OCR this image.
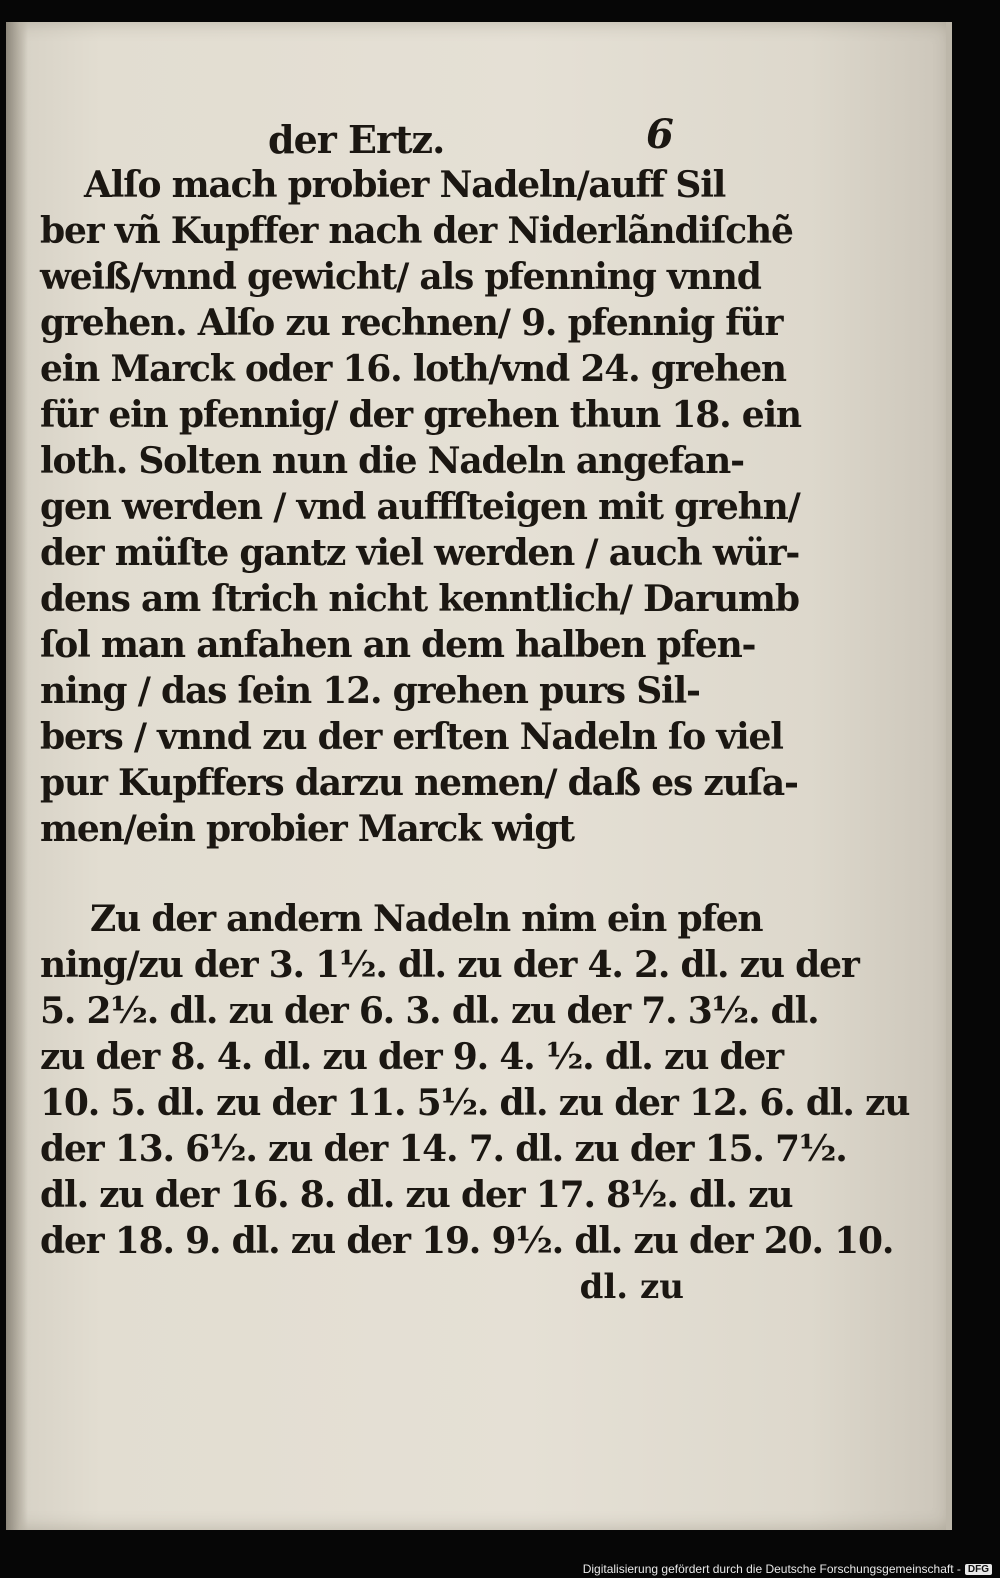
der Ertz.	6

Alſo mach probier Nadeln/auff Sil
ber vñ Kupffer nach der Niderlãndiſchẽ
weiß/vnnd gewicht/ als pfenning vnnd
grehen. Alſo zu rechnen/ 9. pfennig für
ein Marck oder 16. loth/vnd 24. grehen
für ein pfennig/ der grehen thun 18. ein
loth. Solten nun die Nadeln angefan-
gen werden / vnd auffſteigen mit grehn/
der müſte gantz viel werden / auch wür-
dens am ſtrich nicht kenntlich/ Darumb
ſol man anfahen an dem halben pfen-
ning / das ſein 12. grehen purs Sil-
bers / vnnd zu der erſten Nadeln ſo viel
pur Kupffers darzu nemen/ daß es zuſa-
men/ein probier Marck wigt

Zu der andern Nadeln nim ein pfen
ning/zu der 3. 1½. dl. zu der 4. 2. dl. zu der
5. 2½. dl. zu der 6. 3. dl. zu der 7. 3½. dl.
zu der 8. 4. dl. zu der 9. 4. ½. dl. zu der
10. 5. dl. zu der 11. 5½. dl. zu der 12. 6. dl. zu
der 13. 6½. zu der 14. 7. dl. zu der 15. 7½.
dl. zu der 16. 8. dl. zu der 17. 8½. dl. zu
der 18. 9. dl. zu der 19. 9½. dl. zu der 20. 10.

dl. zu
Digitalisierung gefördert durch die Deutsche Forschungsgemeinschaft - DFG
